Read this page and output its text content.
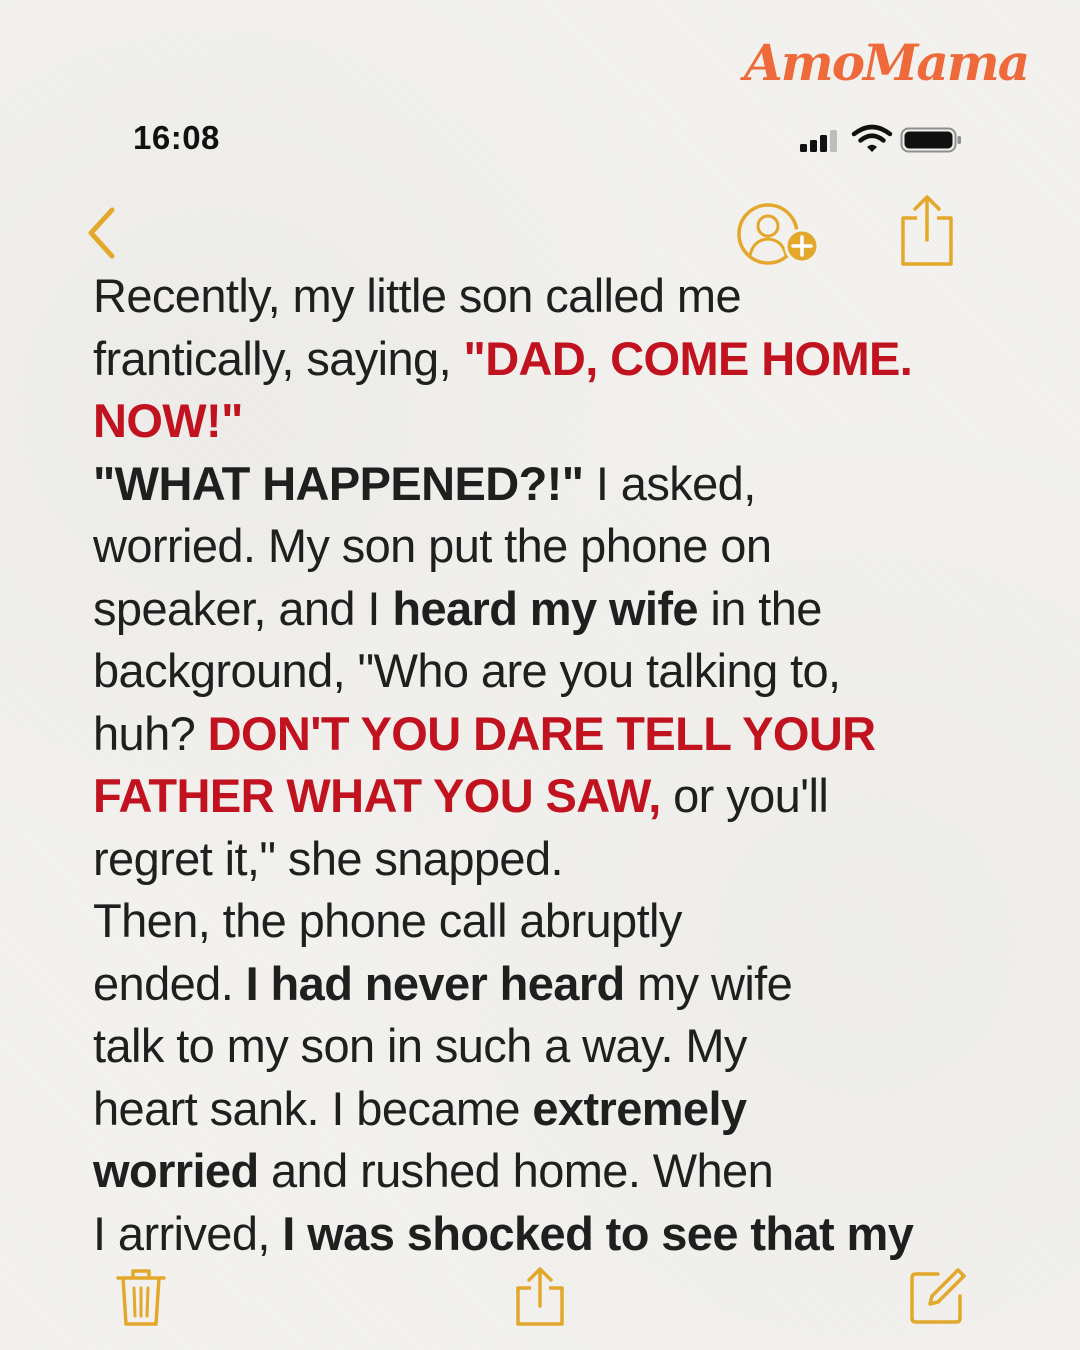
AmoMama
16:08
Recently, my little son called me
frantically, saying, "DAD, COME HOME.
NOW!"
"WHAT HAPPENED?!" I asked,
worried. My son put the phone on
speaker, and I heard my wife in the
background, "Who are you talking to,
huh? DON'T YOU DARE TELL YOUR
FATHER WHAT YOU SAW, or you'll
regret it," she snapped.
Then, the phone call abruptly
ended. I had never heard my wife
talk to my son in such a way. My
heart sank. I became extremely
worried and rushed home. When
I arrived, I was shocked to see that my
